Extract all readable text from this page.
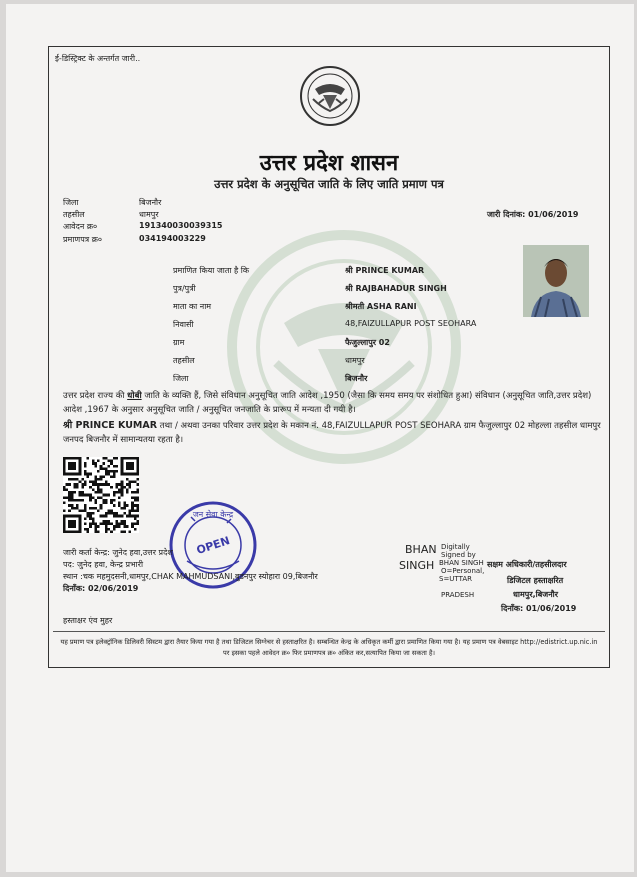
ई-डिस्ट्रिक्ट के अन्तर्गत जारी..
उत्तर प्रदेश शासन
उत्तर प्रदेश के अनुसूचित जाति के लिए जाति प्रमाण पत्र
जिला	बिजनौर
तहसील	धामपुर
आवेदन क्र०	191340030039315
प्रमाणपत्र क्र०	034194003229
जारी दिनांक: 01/06/2019
प्रमाणित किया जाता है कि	श्री PRINCE KUMAR
पुत्र/पुत्री	श्री RAJBAHADUR SINGH
माता का नाम	श्रीमती ASHA RANI
निवासी	48,FAIZULLAPUR POST SEOHARA
ग्राम	फैजुल्लापुर 02
तहसील	धामपुर
जिला	बिजनौर
उत्तर प्रदेश राज्य की धोबी जाति के व्यक्ति हैं, जिसे संविधान अनुसूचित जाति आदेश ,1950 (जैसा कि समय समय पर संशोधित हुआ) संविधान (अनुसूचित जाति,उत्तर प्रदेश) आदेश ,1967 के अनुसार अनुसूचित जाति / अनुसूचित जनजाति के प्रारूप में मन्यता दी गयी है।
श्री PRINCE KUMAR तथा / अथवा उनका परिवार उत्तर प्रदेश के मकान नं. 48,FAIZULLAPUR POST SEOHARA ग्राम फैजुल्लापुर 02 मोहल्ला तहसील धामपुर जनपद बिजनौर में सामान्यतया रहता है।
जन सेवा केन्द्र
OPEN
जारी कर्ता केन्द्र: जुनेद हवा,उत्तर प्रदेश
पद: जुनेद हवा, केन्द्र प्रभारी
स्थान :चक महमुदसनी,धामपुर,CHAK MAHMUDSANI,बुडनपुर स्योहारा 09,बिजनौर
दिनाँक: 02/06/2019
BHAN
SINGH
Digitally
Signed by
BHAN SINGH
O=Personal,
S=UTTAR
PRADESH
सक्षम अधिकारी/तहसीलदार
डिजिटल हस्ताक्षरित
धामपुर,बिजनौर
दिनाँक: 01/06/2019
हस्ताक्षर एंव मुहर
यह प्रमाण पत्र इलेक्ट्रॉनिक डिलिवरी सिस्टम द्वारा तैयार किया गया है तथा डिजिटल सिग्नेचर से हस्ताक्षरित है। सम्बन्धित केन्द्र के अधिकृत कर्मी द्वारा प्रमाणित किया गया है। यह प्रमाण पत्र वेबसाइट http://edistrict.up.nic.in पर इसका पहले आवेदन क्र० फिर प्रमाणपत्र क्र० अंकित कर,सत्यापित किया जा सकता है।
